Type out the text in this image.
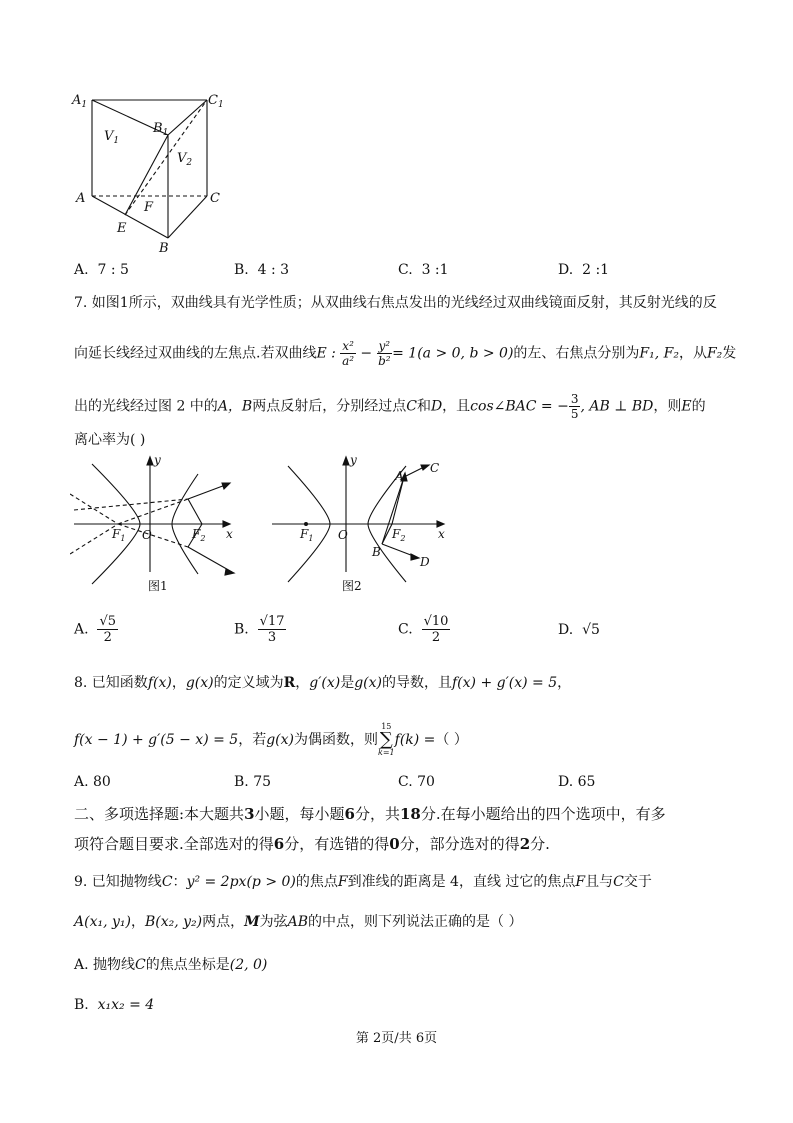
$A_1$	$C_1$
$B_1$
$V_1$
$V_2$
A	C
F
E
B
A. 7 : 5	B. 4 : 3	C. 3 :1	D. 2 :1
7. 如图1所示，双曲线具有光学性质；从双曲线右焦点发出的光线经过双曲线镜面反射，其反射光线的反
向延长线经过双曲线的左焦点.若双曲线E : $\frac{\text{x²}}{\text{a²}} - \frac{\text{y²}}{\text{b²}} = 1(a > 0$, b > 0)的左、右焦点分别为F₁, F₂，从F₂发
出的光线经过图 2 中的A，B两点反射后，分别经过点C和D，且cos∠BAC = − $\frac{3}{5}$ , AB ⊥ BD，则E的
离心率为( )
y
x
O
$F_1$	$F_2$
图1
y
x
O
$F_1$	$F_2$
A
C
B
D
图2
A. $\frac{√5}{2}$	B. $\frac{√17}{3}$	C. $\frac{√10}{2}$	D. √5
8. 已知函数f(x)，g(x)的定义域为R，g′(x)是g(x)的导数，且f(x) + g′(x) = 5，
f(x − 1) + g′(5 − x) = 5，若g(x)为偶函数，则
15
∑
k=1
f(k) =（ ）
A. 80	B. 75	C. 70	D. 65
二、多项选择题:本大题共3小题，每小题6分，共18分.在每小题给出的四个选项中，有多
项符合题目要求.全部选对的得6分，有选错的得0分，部分选对的得2分.
9. 已知抛物线C：y² = 2px(p > 0)的焦点F到准线的距离是 4，直线 过它的焦点F且与C交于
A(x₁, y₁)，B(x₂, y₂)两点，M为弦AB的中点，则下列说法正确的是（ ）
A. 抛物线C的焦点坐标是(2, 0)
B. x₁x₂ = 4
第 2页/共 6页
